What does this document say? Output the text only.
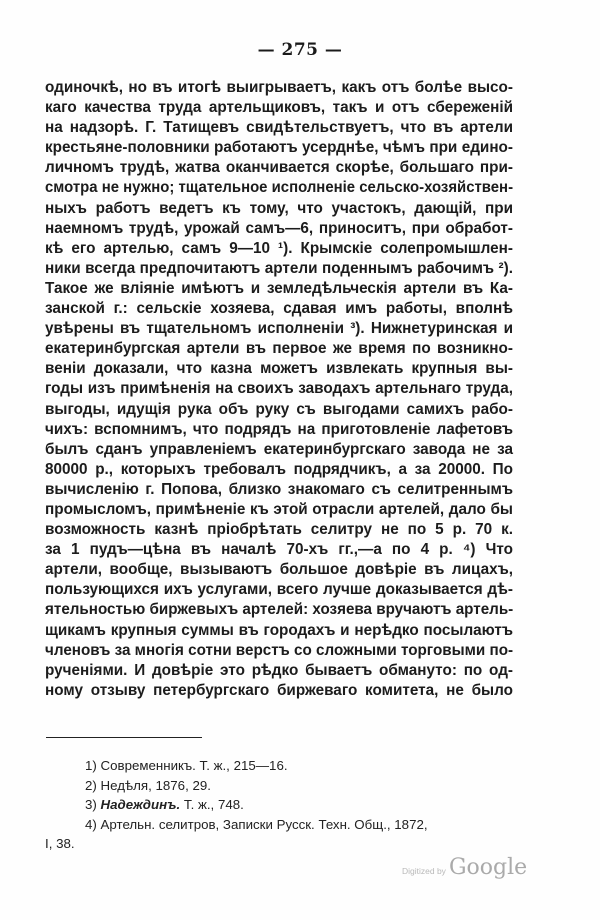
— 275 —
одиночкѣ, но въ итогѣ выигрываетъ, какъ отъ болѣе высо-
каго качества труда артельщиковъ, такъ и отъ сбереженій
на надзорѣ. Г. Татищевъ свидѣтельствуетъ, что въ артели
крестьяне-половники работаютъ усерднѣе, чѣмъ при едино-
личномъ трудѣ, жатва оканчивается скорѣе, большаго при-
смотра не нужно; тщательное исполненіе сельско-хозяйствен-
ныхъ работъ ведетъ къ тому, что участокъ, дающій, при
наемномъ трудѣ, урожай самъ—6, приноситъ, при обработ-
кѣ его артелью, самъ 9—10 ¹). Крымскіе солепромышлен-
ники всегда предпочитаютъ артели поденнымъ рабочимъ ²).
Такое же вліяніе имѣютъ и земледѣльческія артели въ Ка-
занской г.: сельскіе хозяева, сдавая имъ работы, вполнѣ
увѣрены въ тщательномъ исполненіи ³). Нижнетуринская и
екатеринбургская артели въ первое же время по возникно-
веніи доказали, что казна можетъ извлекать крупныя вы-
годы изъ примѣненія на своихъ заводахъ артельнаго труда,
выгоды, идущія рука объ руку съ выгодами самихъ рабо-
чихъ: вспомнимъ, что подрядъ на приготовленіе лафетовъ
былъ сданъ управленіемъ екатеринбургскаго завода не за
80000 р., которыхъ требовалъ подрядчикъ, а за 20000. По
вычисленію г. Попова, близко знакомаго съ селитреннымъ
промысломъ, примѣненіе къ этой отрасли артелей, дало бы
возможность казнѣ пріобрѣтать селитру не по 5 р. 70 к.
за 1 пудъ—цѣна въ началѣ 70-хъ гг.,—а по 4 р. ⁴) Что
артели, вообще, вызываютъ большое довѣріе въ лицахъ,
пользующихся ихъ услугами, всего лучше доказывается дѣ-
ятельностью биржевыхъ артелей: хозяева вручаютъ артель-
щикамъ крупныя суммы въ городахъ и нерѣдко посылаютъ
членовъ за многія сотни верстъ со сложными торговыми по-
рученіями. И довѣріе это рѣдко бываетъ обмануто: по од-
ному отзыву петербургскаго биржеваго комитета, не было
1) Современникъ. Т. ж., 215—16.
2) Недѣля, 1876, 29.
3) Надеждинъ. Т. ж., 748.
4) Артельн. селитров, Записки Русск. Техн. Общ., 1872,
I, 38.
Digitized by Google
